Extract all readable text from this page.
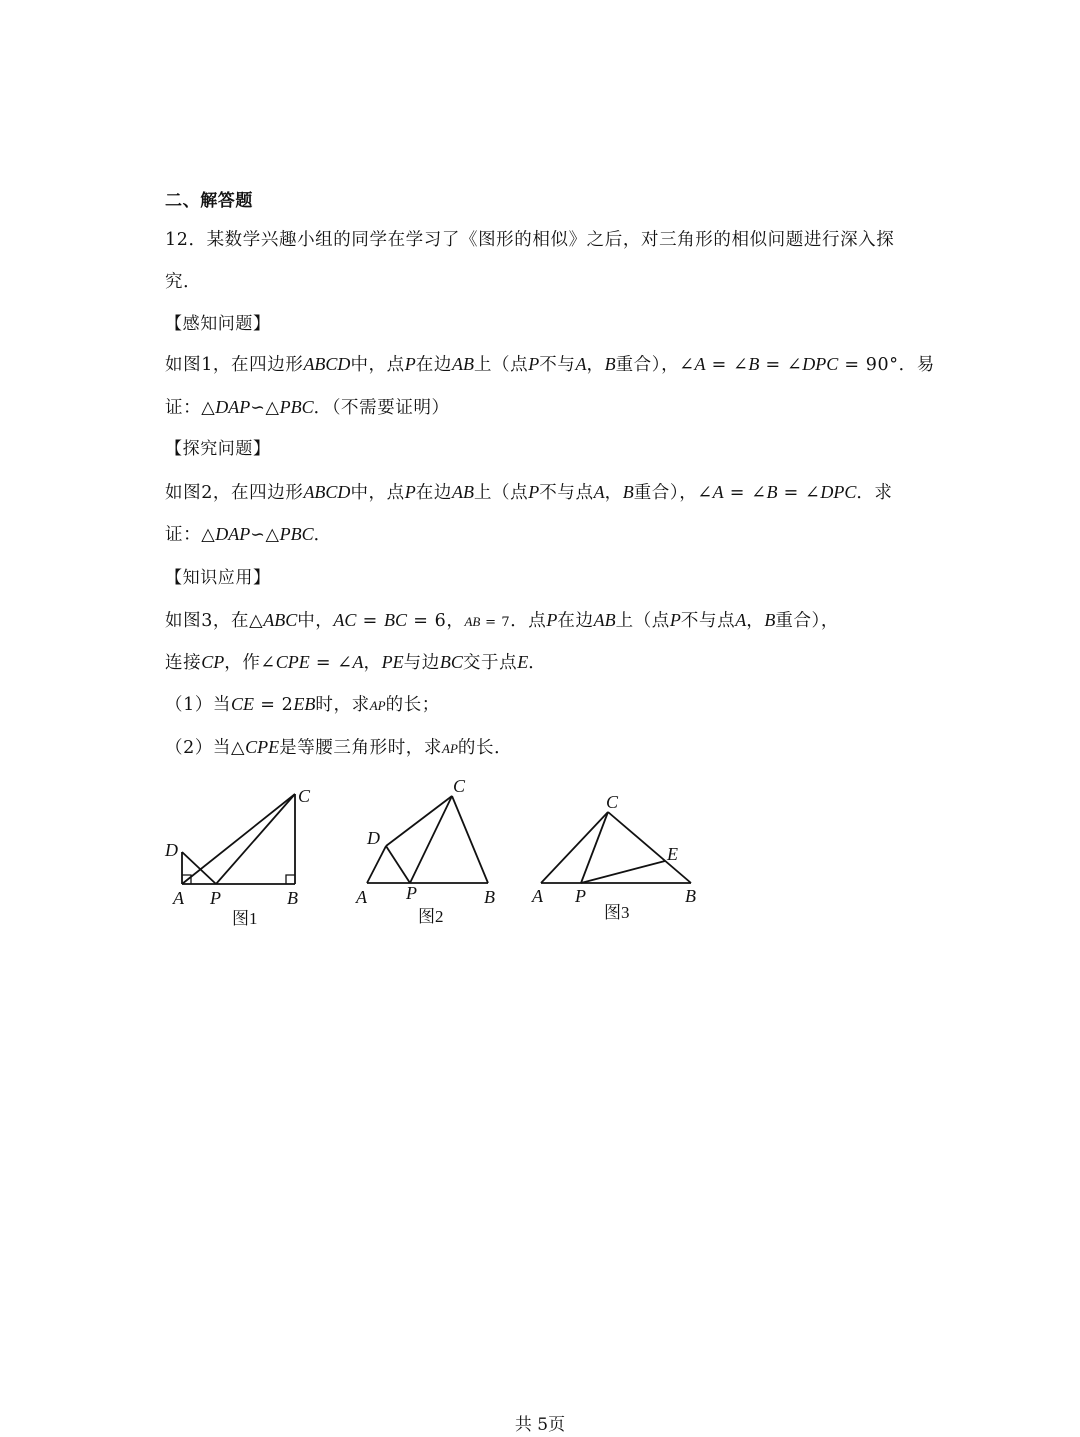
二、解答题
12．某数学兴趣小组的同学在学习了《图形的相似》之后，对三角形的相似问题进行深入探
究．
【感知问题】
如图1，在四边形ABCD中，点P在边AB上（点P不与A，B重合），∠A = ∠B = ∠DPC = 90°．易
证：△DAP∽△PBC．（不需要证明）
【探究问题】
如图2，在四边形ABCD中，点P在边AB上（点P不与点A，B重合），∠A = ∠B = ∠DPC．求
证：△DAP∽△PBC．
【知识应用】
如图3，在△ABC中，AC = BC = 6，AB = 7．点P在边AB上（点P不与点A，B重合），
连接CP，作∠CPE = ∠A，PE与边BC交于点E．
（1）当CE = 2EB时，求AP的长；
（2）当△CPE是等腰三角形时，求AP的长．
C
D
A P	B
图1
C
D
A P	B
图2
C
E
A P	B
图3
共 5页
